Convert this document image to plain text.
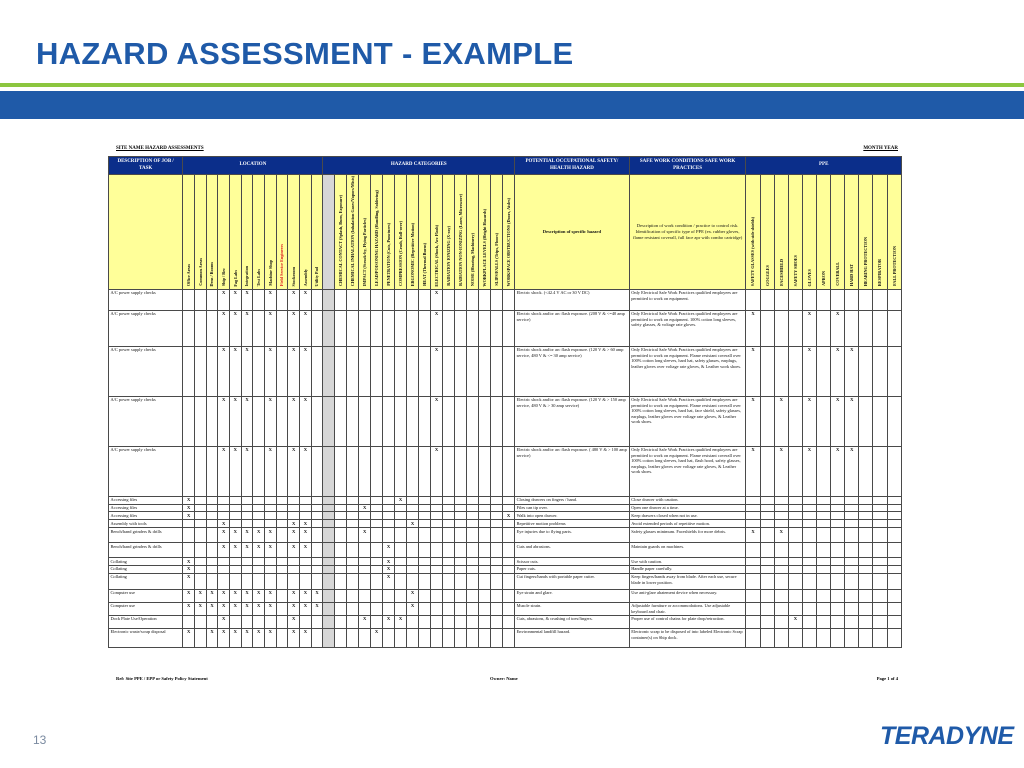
HAZARD ASSESSMENT - EXAMPLE
SITE NAME HAZARD ASSESSMENTS	MONTH YEAR
DESCRIPTION OF JOB / TASK	LOCATION												HAZARD CATEGORIES																POTENTIAL OCCUPATIONAL SAFETY/ HEALTH HAZARD	SAFE WORK CONDITIONS SAFE WORK PRACTICES	PPE										
	Office Areas	Common Areas	Dens / Rooms	Ship / Rec	Fag Labs	Integration	Test Labs	Machine Shop	Field Service Engineers	Stockroom	Assembly	Utility Pad		CHEMICAL CONTACT (Splash, Burn, Exposure)	CHEMICAL INHALATION (Inhalation Gases/Vapors/Mists)	IMPACT (Struck-by, Flying Particles)	LEAD/POISONING HAZARD (Handling, Soldering)	PENETRATION (Cuts, Punctures)	COMPRESSION (Crush, Roll-over)	ERGONOMIC (Repetitive Motion)	HEAT (Thermal Burns)	ELECTRICAL (Shock, Arc Flash)	RADIATION IONIZING (X-ray)	RADIATION NON-IONIZING (Laser, Microwave)	NOISE (Hearing, Machinery)	WORKPLACE LEVELS (Height Hazards)	SLIPS/FALLS (Trips, Floors)	WORKSPACE OBSTRUCTIONS (Doors, Aisles)	Description of specific hazard	Description of work condition / practice to control risk. Identification of specific type of PPE (ex. rubber gloves, flame resistant coverall, full face apr with combo cartridge)	SAFETY GLASSES (with side shields)	GOGGLES	FACESHIELD	SAFETY SHOES	GLOVES	APRON	COVERALL	HARD HAT	HEARING PROTECTION	RESPIRATOR	FALL PROTECTION
A/C power supply checks				X	X	X		X		X	X											X							Electric shock. (<42.4 V AC or 30 V DC)	Only Electrical Safe Work Practices qualified employees are permitted to work on equipment.											
A/C power supply checks				X	X	X		X		X	X											X							Electric shock and/or arc flash exposure. (208 V & <=40 amp service)	Only Electrical Safe Work Practices qualified employees are permitted to work on equipment. 100% cotton long sleeves, safety glasses, & voltage rate gloves.	X				X		X				
A/C power supply checks				X	X	X		X		X	X											X							Electric shock and/or arc flash exposure. (120 V & > 60 amp service, 480 V & <= 30 amp service)	Only Electrical Safe Work Practices qualified employees are permitted to work on equipment. Flame resistant coverall over 100% cotton long sleeves, hard hat, safety glasses, earplugs, leather gloves over voltage rate gloves, & Leather work shoes.	X				X		X	X			
A/C power supply checks				X	X	X		X		X	X											X							Electric shock and/or arc flash exposure. (120 V & > 150 amp service, 480 V & > 30 amp service)	Only Electrical Safe Work Practices qualified employees are permitted to work on equipment. Flame resistant coverall over 100% cotton long sleeves, hard hat, face shield, safety glasses, earplugs, leather gloves over voltage rate gloves, & Leather work shoes.	X		X		X		X	X			
A/C power supply checks				X	X	X		X		X	X											X							Electric shock and/or arc flash exposure. ( 480 V & > 100 amp service)	Only Electrical Safe Work Practices qualified employees are permitted to work on equipment. Flame resistant coverall over 100% cotton long sleeves, hard hat, flash hood, safety glasses, earplugs, leather gloves over voltage rate gloves, & Leather work shoes.	X		X		X		X	X			
Accessing files	X																		X										Closing drawers on fingers / hand.	Close drawer with caution.											
Accessing files	X															X													Files can tip over.	Open one drawer at a time.											
Accessing files	X																											X	Walk into open drawer.	Keep drawers closed when not in use.											
Assembly with tools				X						X	X									X									Repetitive motion problems	Avoid extended periods of repetitive motion.											
Bench/hand grinders & drills				X	X	X	X	X		X	X					X													Eye injuries due to flying parts.	Safety glasses minimum. Faceshields for more debris.	X		X								
Bench/hand grinders & drills				X	X	X	X	X		X	X							X											Cuts and abrasions.	Maintain guards on machines.											
Collating	X																	X											Scissor cuts.	Use with caution.											
Collating	X																	X											Paper cuts.	Handle paper carefully.											
Collating	X																	X											Cut fingers/hands with portable paper cutter.	Keep fingers/hands away from blade. After each use, secure blade in lower position.											
Computer use	X	X	X	X	X	X	X	X		X	X	X								X									Eye strain and glare.	Use anti-glare abatement device when necessary.											
Computer use	X	X	X	X	X	X	X	X		X	X	X								X									Muscle strain.	Adjustable furniture or accommodations. Use adjustable keyboard and chair.											
Dock Plate Use/Operation				X						X						X		X	X										Cuts, abrasions, & crushing of toes/fingers.	Proper use of control chains for plate drop/retraction.				X							
Electronic waste/scrap disposal	X		X	X	X	X	X	X		X	X						X												Environmental landfill hazard.	Electronic scrap to be disposed of into labeled Electronic Scrap container(s) on Ship dock.											
Ref: Site PPE / EPP or Safety Policy Statement	Owner: Name	Page 1 of 4
13	TERADYNE
